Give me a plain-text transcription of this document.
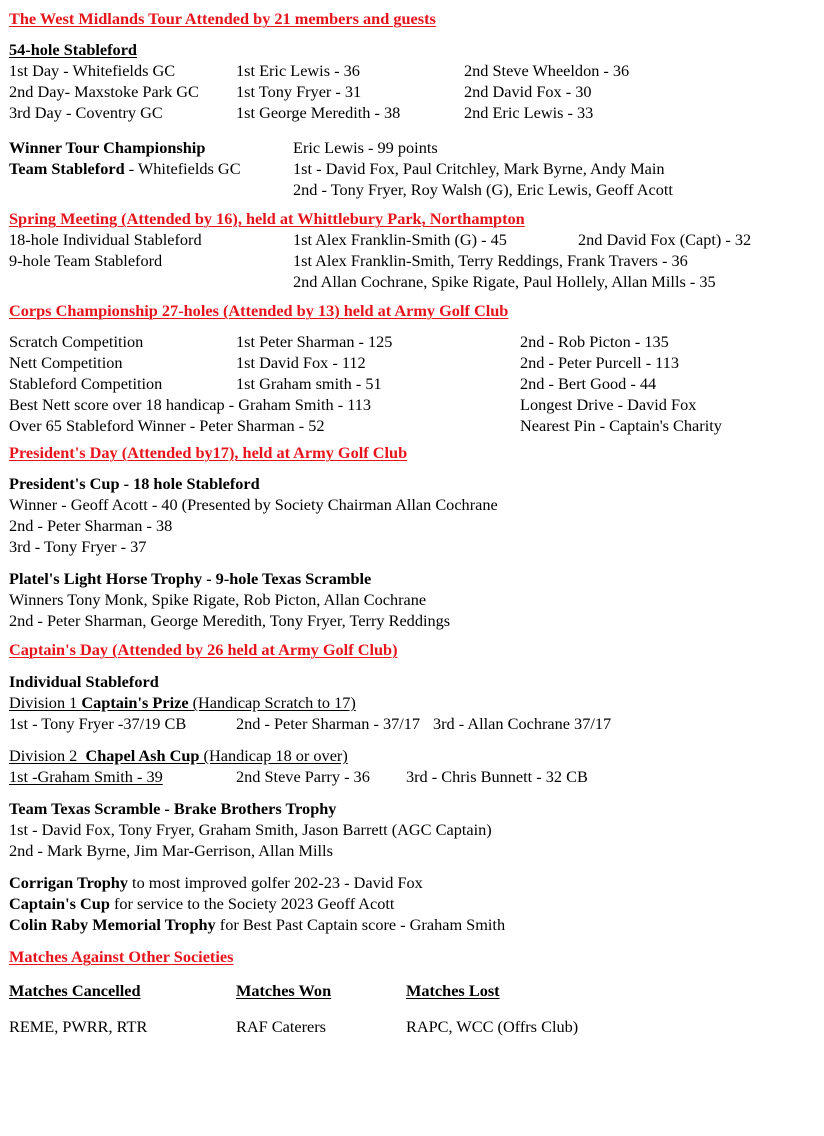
The West Midlands Tour Attended by 21 members and guests
54-hole Stableford
1st Day - Whitefields GC	1st Eric Lewis - 36	2nd Steve Wheeldon - 36
2nd Day- Maxstoke Park GC 1st Tony Fryer - 31	2nd David Fox - 30
3rd Day - Coventry GC	1st George Meredith - 38	2nd Eric Lewis - 33
Winner Tour Championship	Eric Lewis - 99 points
Team Stableford - Whitefields GC	1st - David Fox, Paul Critchley, Mark Byrne, Andy Main
2nd - Tony Fryer, Roy Walsh (G), Eric Lewis, Geoff Acott
Spring Meeting (Attended by 16), held at Whittlebury Park, Northampton
18-hole Individual Stableford	1st Alex Franklin-Smith (G) - 45	2nd David Fox (Capt) - 32
9-hole Team Stableford	1st Alex Franklin-Smith, Terry Reddings, Frank Travers - 36
2nd Allan Cochrane, Spike Rigate, Paul Hollely, Allan Mills - 35
Corps Championship 27-holes (Attended by 13) held at Army Golf Club
Scratch Competition	1st Peter Sharman - 125	2nd - Rob Picton - 135
Nett Competition	1st David Fox - 112	2nd - Peter Purcell - 113
Stableford Competition	1st Graham smith - 51	2nd - Bert Good - 44
Best Nett score over 18 handicap - Graham Smith - 113	Longest Drive - David Fox
Over 65 Stableford Winner - Peter Sharman - 52	Nearest Pin - Captain's Charity
President's Day (Attended by17), held at Army Golf Club
President's Cup - 18 hole Stableford
Winner - Geoff Acott - 40 (Presented by Society Chairman Allan Cochrane
2nd - Peter Sharman - 38
3rd - Tony Fryer - 37
Platel's Light Horse Trophy - 9-hole Texas Scramble
Winners Tony Monk, Spike Rigate, Rob Picton, Allan Cochrane
2nd - Peter Sharman, George Meredith, Tony Fryer, Terry Reddings
Captain's Day (Attended by 26 held at Army Golf Club)
Individual Stableford
Division 1 Captain's Prize (Handicap Scratch to 17)
1st - Tony Fryer -37/19 CB	2nd - Peter Sharman - 37/17 3rd - Allan Cochrane 37/17
Division 2  Chapel Ash Cup (Handicap 18 or over)
1st -Graham Smith - 39	2nd Steve Parry - 36 3rd - Chris Bunnett - 32 CB
Team Texas Scramble - Brake Brothers Trophy
1st - David Fox, Tony Fryer, Graham Smith, Jason Barrett (AGC Captain)
2nd - Mark Byrne, Jim Mar-Gerrison, Allan Mills
Corrigan Trophy to most improved golfer 202-23 - David Fox
Captain's Cup for service to the Society 2023 Geoff Acott
Colin Raby Memorial Trophy for Best Past Captain score - Graham Smith
Matches Against Other Societies
Matches Cancelled	Matches Won	Matches Lost
REME, PWRR, RTR	RAF Caterers	RAPC, WCC (Offrs Club)
